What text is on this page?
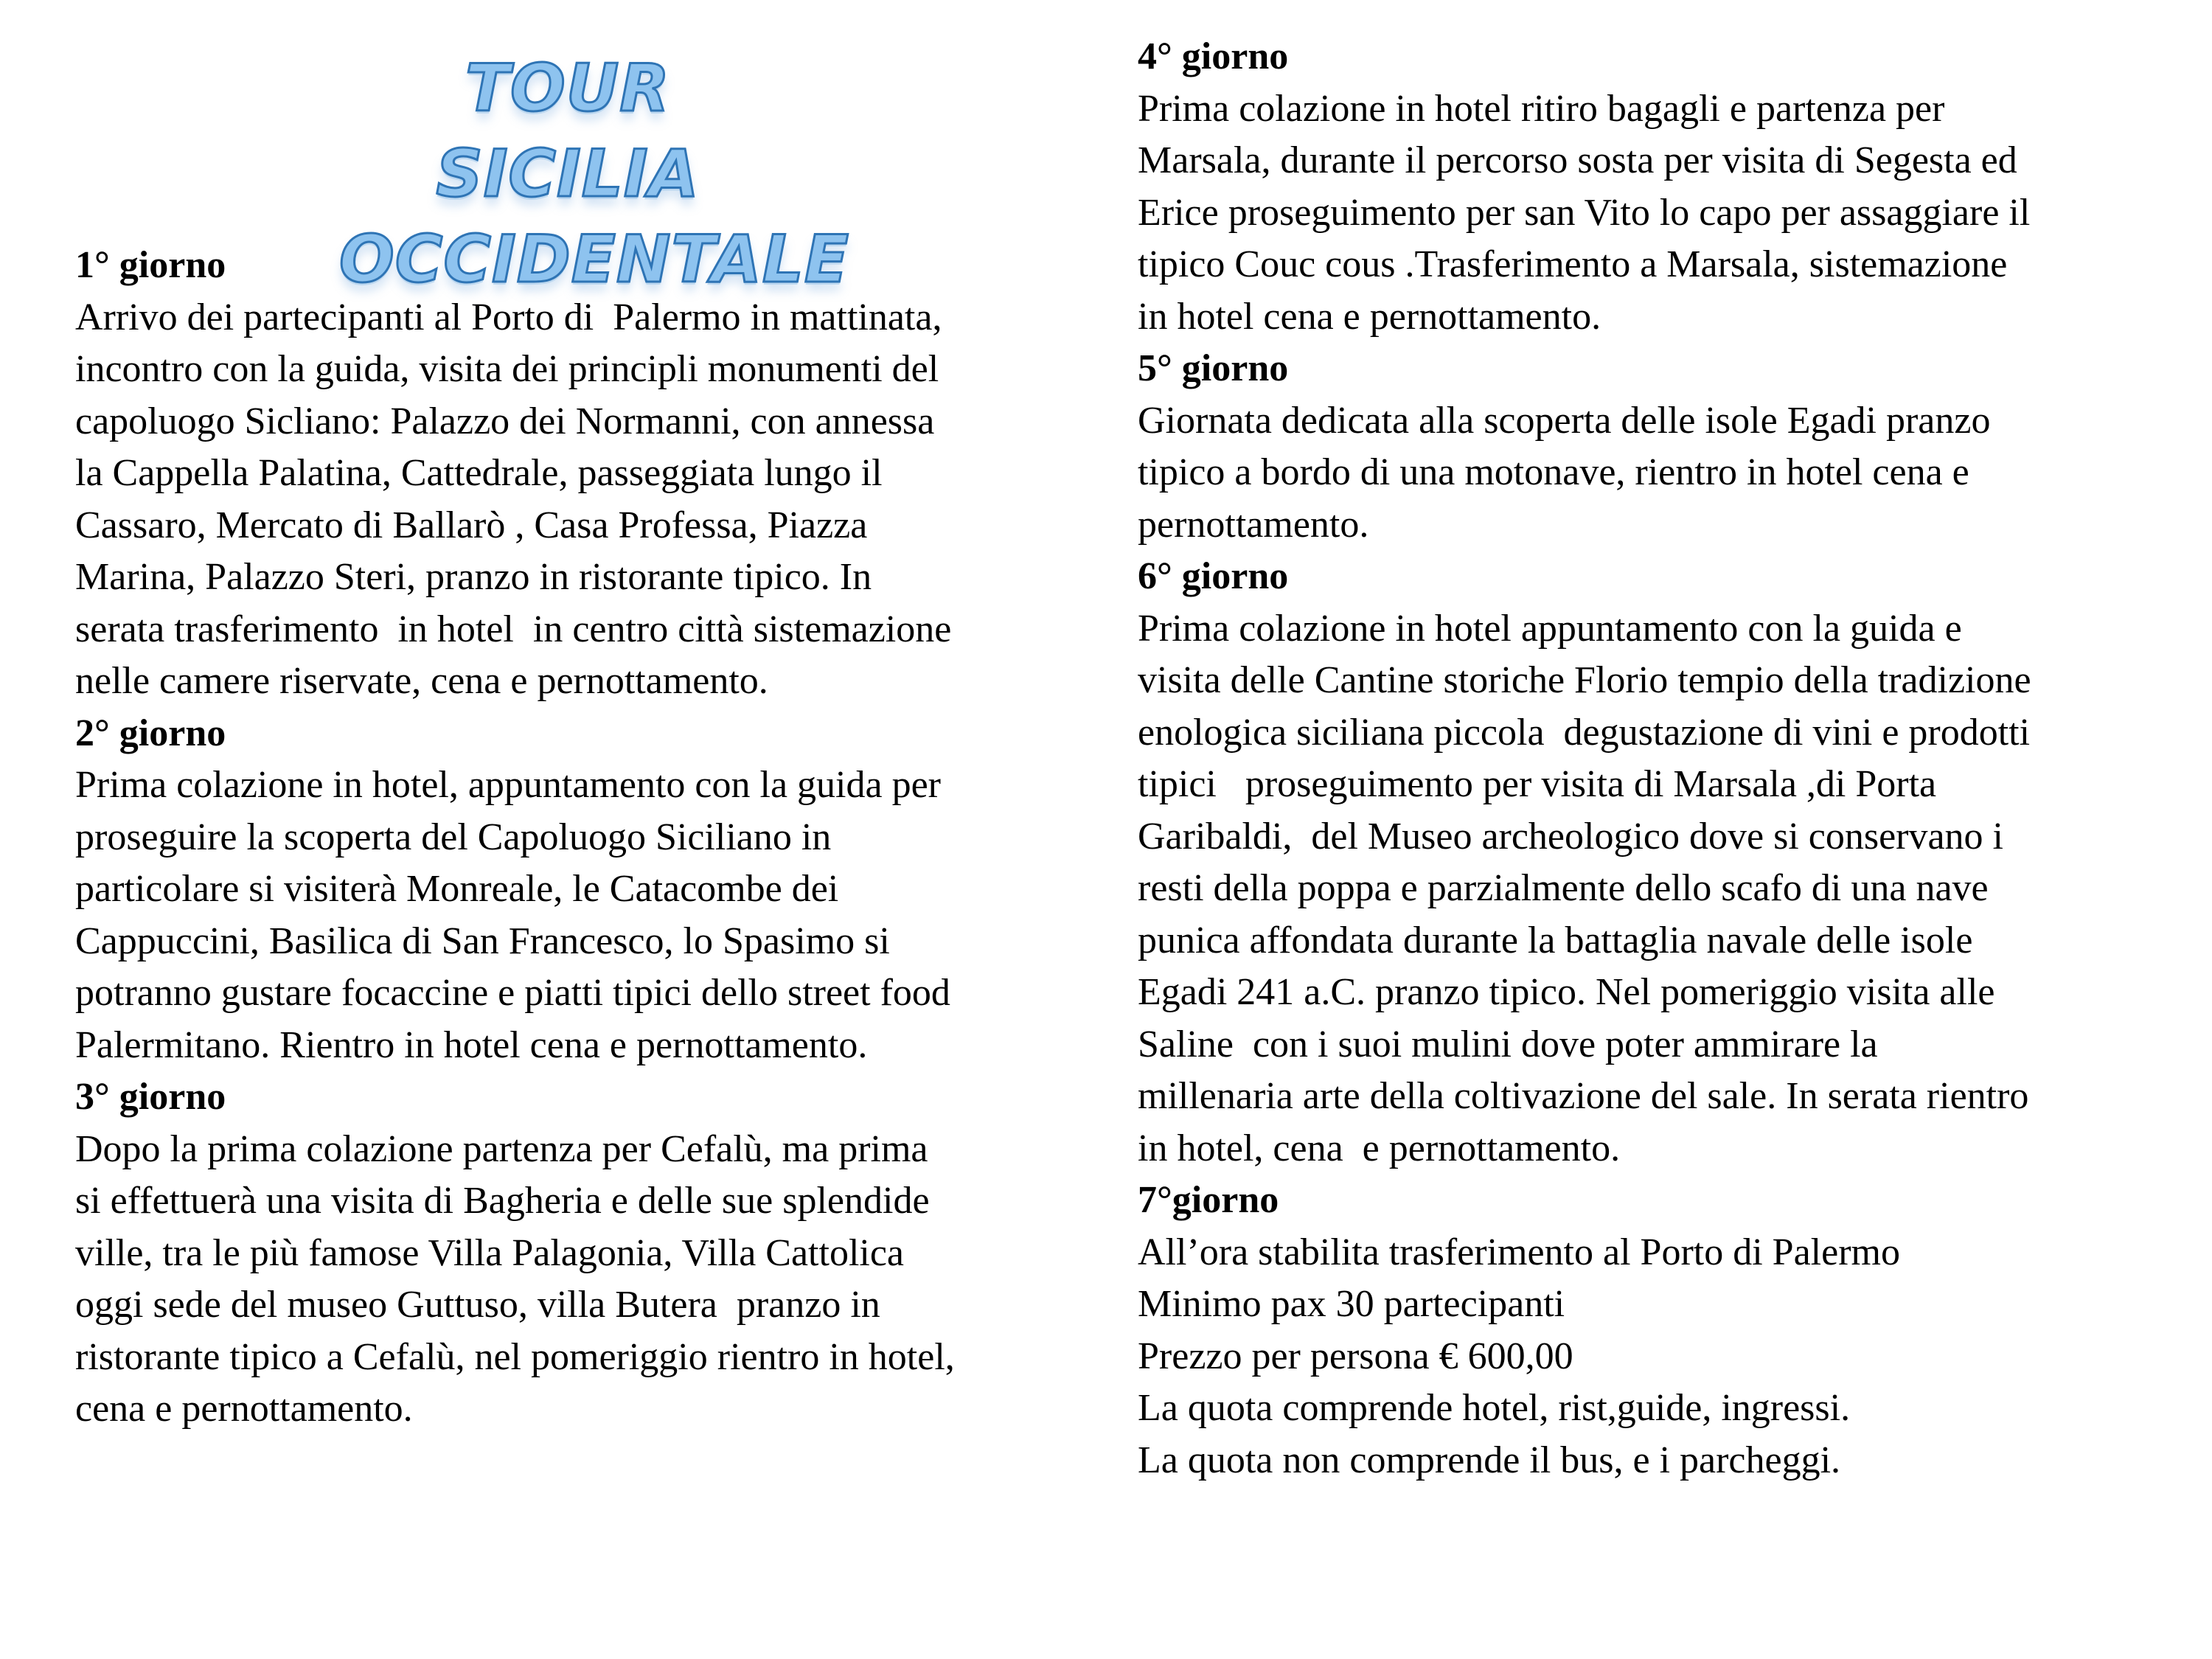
TOUR SICILIA
OCCIDENTALE
1° giorno
Arrivo dei partecipanti al Porto di  Palermo in mattinata,
incontro con la guida, visita dei principli monumenti del
capoluogo Sicliano: Palazzo dei Normanni, con annessa
la Cappella Palatina, Cattedrale, passeggiata lungo il
Cassaro, Mercato di Ballarò , Casa Professa, Piazza
Marina, Palazzo Steri, pranzo in ristorante tipico. In
serata trasferimento  in hotel  in centro città sistemazione
nelle camere riservate, cena e pernottamento.
2° giorno
Prima colazione in hotel, appuntamento con la guida per
proseguire la scoperta del Capoluogo Siciliano in
particolare si visiterà Monreale, le Catacombe dei
Cappuccini, Basilica di San Francesco, lo Spasimo si
potranno gustare focaccine e piatti tipici dello street food
Palermitano. Rientro in hotel cena e pernottamento.
3° giorno
Dopo la prima colazione partenza per Cefalù, ma prima
si effettuerà una visita di Bagheria e delle sue splendide
ville, tra le più famose Villa Palagonia, Villa Cattolica
oggi sede del museo Guttuso, villa Butera  pranzo in
ristorante tipico a Cefalù, nel pomeriggio rientro in hotel,
cena e pernottamento.
4° giorno
Prima colazione in hotel ritiro bagagli e partenza per
Marsala, durante il percorso sosta per visita di Segesta ed
Erice proseguimento per san Vito lo capo per assaggiare il
tipico Couc cous .Trasferimento a Marsala, sistemazione
in hotel cena e pernottamento.
5° giorno
Giornata dedicata alla scoperta delle isole Egadi pranzo
tipico a bordo di una motonave, rientro in hotel cena e
pernottamento.
6° giorno
Prima colazione in hotel appuntamento con la guida e
visita delle Cantine storiche Florio tempio della tradizione
enologica siciliana piccola  degustazione di vini e prodotti
tipici   proseguimento per visita di Marsala ,di Porta
Garibaldi,  del Museo archeologico dove si conservano i
resti della poppa e parzialmente dello scafo di una nave
punica affondata durante la battaglia navale delle isole
Egadi 241 a.C. pranzo tipico. Nel pomeriggio visita alle
Saline  con i suoi mulini dove poter ammirare la
millenaria arte della coltivazione del sale. In serata rientro
in hotel, cena  e pernottamento.
7°giorno
All’ora stabilita trasferimento al Porto di Palermo
Minimo pax 30 partecipanti
Prezzo per persona € 600,00
La quota comprende hotel, rist,guide, ingressi.
La quota non comprende il bus, e i parcheggi.
